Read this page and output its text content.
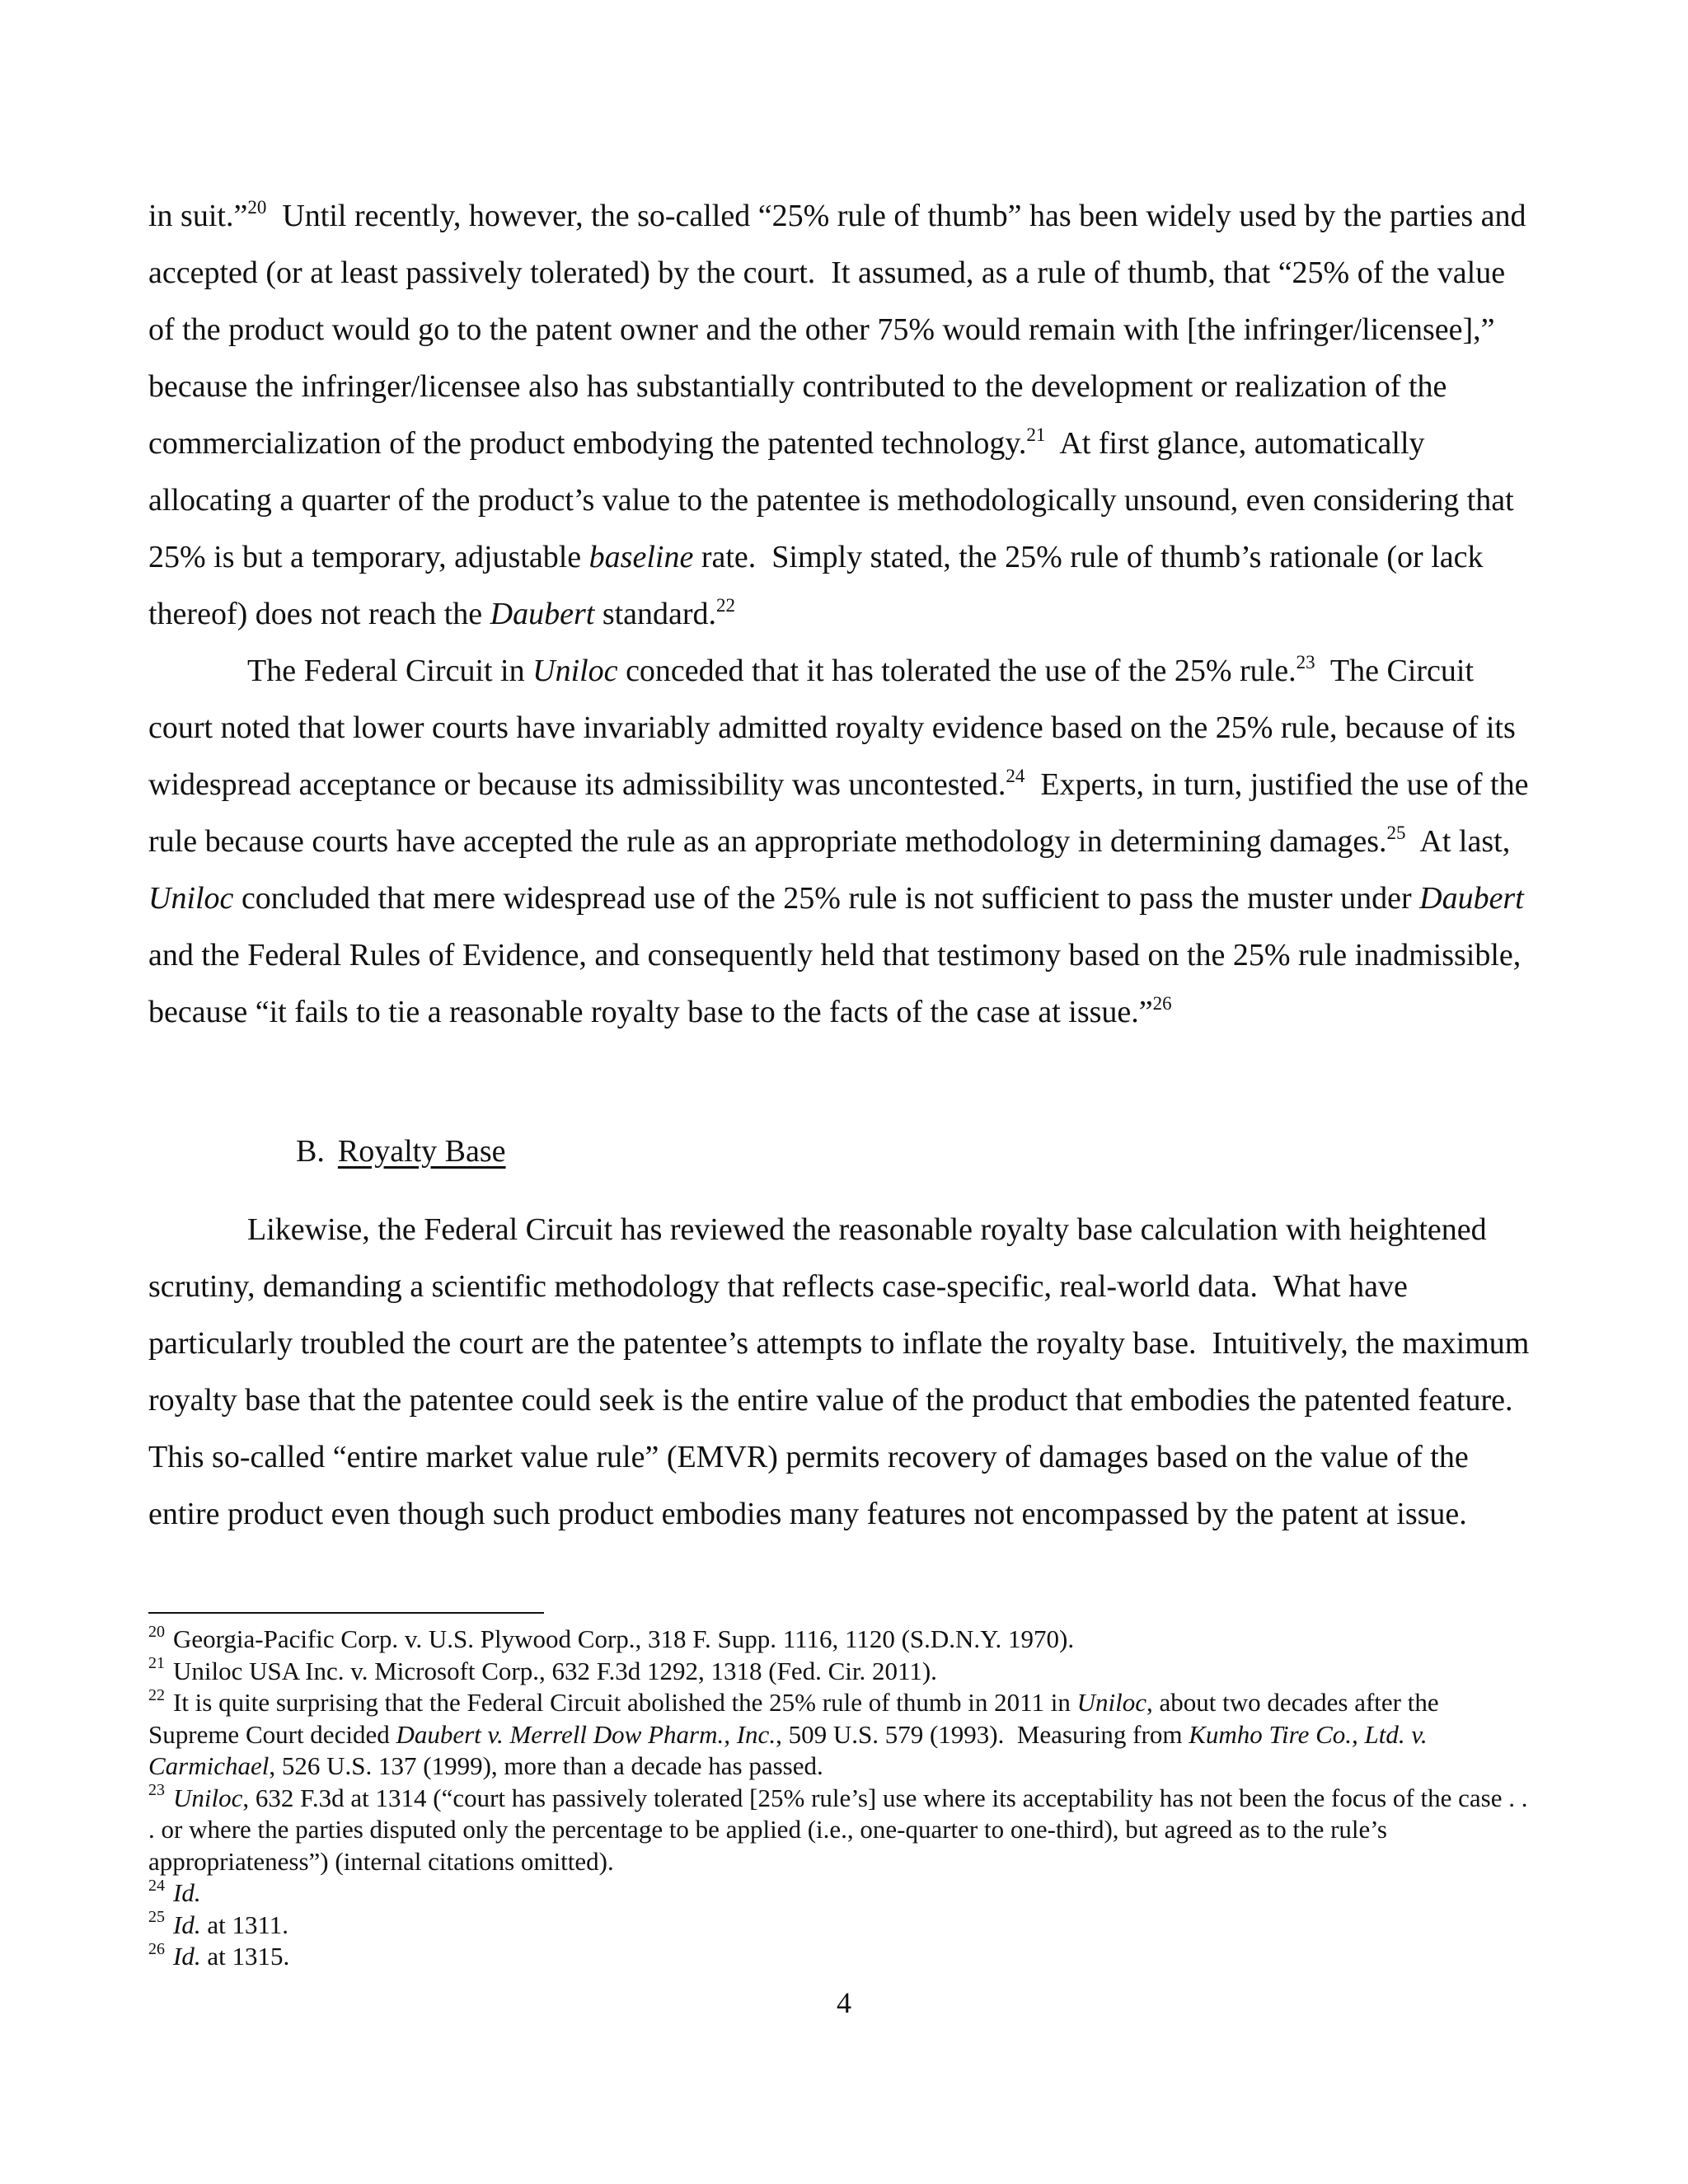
in suit.”$^{20}$  Until recently, however, the so-called “25% rule of thumb” has been widely used by the parties and accepted (or at least passively tolerated) by the court.  It assumed, as a rule of thumb, that “25% of the value of the product would go to the patent owner and the other 75% would remain with [the infringer/licensee],” because the infringer/licensee also has substantially contributed to the development or realization of the commercialization of the product embodying the patented technology.$^{21}$  At first glance, automatically allocating a quarter of the product’s value to the patentee is methodologically unsound, even considering that 25% is but a temporary, adjustable baseline rate.  Simply stated, the 25% rule of thumb’s rationale (or lack thereof) does not reach the Daubert standard.$^{22}$

The Federal Circuit in Uniloc conceded that it has tolerated the use of the 25% rule.$^{23}$  The Circuit court noted that lower courts have invariably admitted royalty evidence based on the 25% rule, because of its widespread acceptance or because its admissibility was uncontested.$^{24}$  Experts, in turn, justified the use of the rule because courts have accepted the rule as an appropriate methodology in determining damages.$^{25}$  At last, Uniloc concluded that mere widespread use of the 25% rule is not sufficient to pass the muster under Daubert and the Federal Rules of Evidence, and consequently held that testimony based on the 25% rule inadmissible, because “it fails to tie a reasonable royalty base to the facts of the case at issue.”$^{26}$

B. Royalty Base

Likewise, the Federal Circuit has reviewed the reasonable royalty base calculation with heightened scrutiny, demanding a scientific methodology that reflects case-specific, real-world data.  What have particularly troubled the court are the patentee’s attempts to inflate the royalty base.  Intuitively, the maximum royalty base that the patentee could seek is the entire value of the product that embodies the patented feature.  This so-called “entire market value rule” (EMVR) permits recovery of damages based on the value of the entire product even though such product embodies many features not encompassed by the patent at issue.

$^{20}$ Georgia-Pacific Corp. v. U.S. Plywood Corp., 318 F. Supp. 1116, 1120 (S.D.N.Y. 1970).

$^{21}$ Uniloc USA Inc. v. Microsoft Corp., 632 F.3d 1292, 1318 (Fed. Cir. 2011).

$^{22}$ It is quite surprising that the Federal Circuit abolished the 25% rule of thumb in 2011 in Uniloc, about two decades after the Supreme Court decided Daubert v. Merrell Dow Pharm., Inc., 509 U.S. 579 (1993).  Measuring from Kumho Tire Co., Ltd. v. Carmichael, 526 U.S. 137 (1999), more than a decade has passed.

$^{23}$ Uniloc, 632 F.3d at 1314 (“court has passively tolerated [25% rule’s] use where its acceptability has not been the focus of the case . . . or where the parties disputed only the percentage to be applied (i.e., one-quarter to one-third), but agreed as to the rule’s appropriateness”) (internal citations omitted).

$^{24}$ Id.

$^{25}$ Id. at 1311.

$^{26}$ Id. at 1315.

4
